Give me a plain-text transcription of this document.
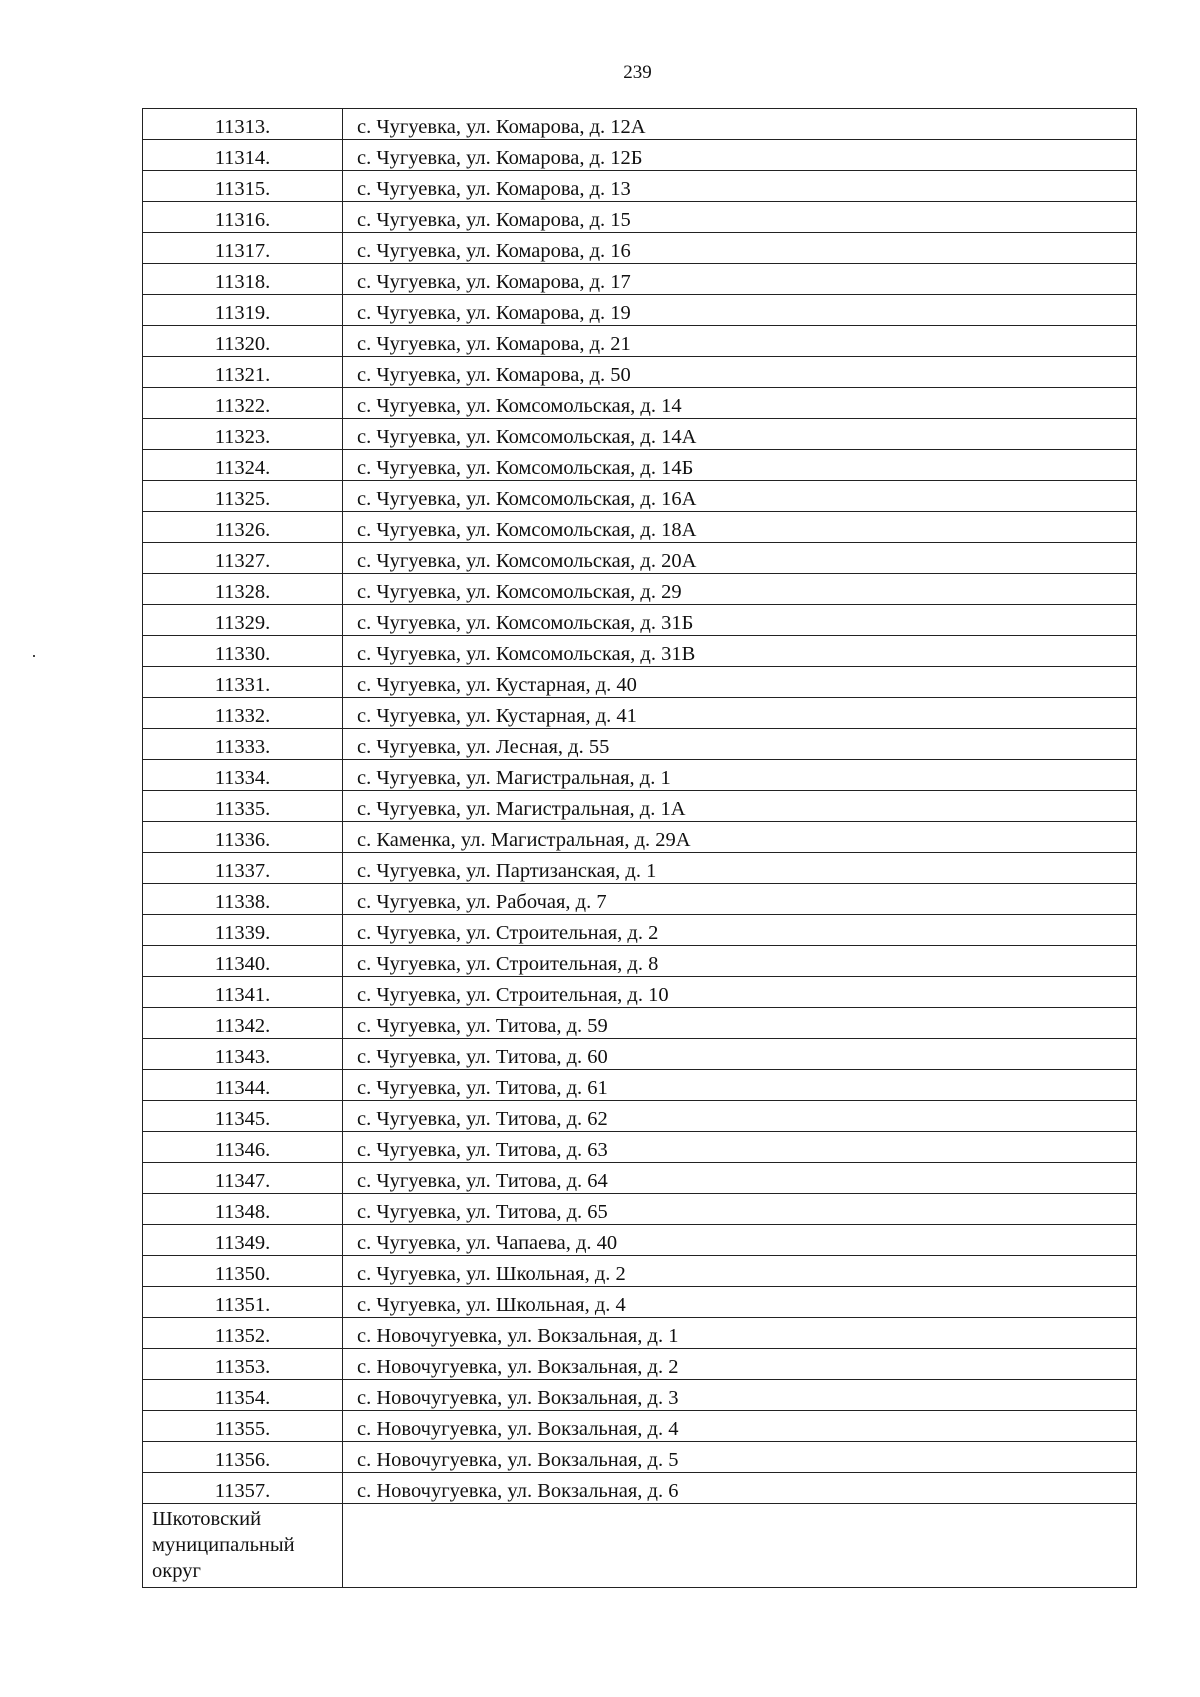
239
11313.	с. Чугуевка, ул. Комарова, д. 12А
11314.	с. Чугуевка, ул. Комарова, д. 12Б
11315.	с. Чугуевка, ул. Комарова, д. 13
11316.	с. Чугуевка, ул. Комарова, д. 15
11317.	с. Чугуевка, ул. Комарова, д. 16
11318.	с. Чугуевка, ул. Комарова, д. 17
11319.	с. Чугуевка, ул. Комарова, д. 19
11320.	с. Чугуевка, ул. Комарова, д. 21
11321.	с. Чугуевка, ул. Комарова, д. 50
11322.	с. Чугуевка, ул. Комсомольская, д. 14
11323.	с. Чугуевка, ул. Комсомольская, д. 14А
11324.	с. Чугуевка, ул. Комсомольская, д. 14Б
11325.	с. Чугуевка, ул. Комсомольская, д. 16А
11326.	с. Чугуевка, ул. Комсомольская, д. 18А
11327.	с. Чугуевка, ул. Комсомольская, д. 20А
11328.	с. Чугуевка, ул. Комсомольская, д. 29
11329.	с. Чугуевка, ул. Комсомольская, д. 31Б
11330.	с. Чугуевка, ул. Комсомольская, д. 31В
11331.	с. Чугуевка, ул. Кустарная, д. 40
11332.	с. Чугуевка, ул. Кустарная, д. 41
11333.	с. Чугуевка, ул. Лесная, д. 55
11334.	с. Чугуевка, ул. Магистральная, д. 1
11335.	с. Чугуевка, ул. Магистральная, д. 1А
11336.	с. Каменка, ул. Магистральная, д. 29А
11337.	с. Чугуевка, ул. Партизанская, д. 1
11338.	с. Чугуевка, ул. Рабочая, д. 7
11339.	с. Чугуевка, ул. Строительная, д. 2
11340.	с. Чугуевка, ул. Строительная, д. 8
11341.	с. Чугуевка, ул. Строительная, д. 10
11342.	с. Чугуевка, ул. Титова, д. 59
11343.	с. Чугуевка, ул. Титова, д. 60
11344.	с. Чугуевка, ул. Титова, д. 61
11345.	с. Чугуевка, ул. Титова, д. 62
11346.	с. Чугуевка, ул. Титова, д. 63
11347.	с. Чугуевка, ул. Титова, д. 64
11348.	с. Чугуевка, ул. Титова, д. 65
11349.	с. Чугуевка, ул. Чапаева, д. 40
11350.	с. Чугуевка, ул. Школьная, д. 2
11351.	с. Чугуевка, ул. Школьная, д. 4
11352.	с. Новочугуевка, ул. Вокзальная, д. 1
11353.	с. Новочугуевка, ул. Вокзальная, д. 2
11354.	с. Новочугуевка, ул. Вокзальная, д. 3
11355.	с. Новочугуевка, ул. Вокзальная, д. 4
11356.	с. Новочугуевка, ул. Вокзальная, д. 5
11357.	с. Новочугуевка, ул. Вокзальная, д. 6

Шкотовский
муниципальный
округ	
